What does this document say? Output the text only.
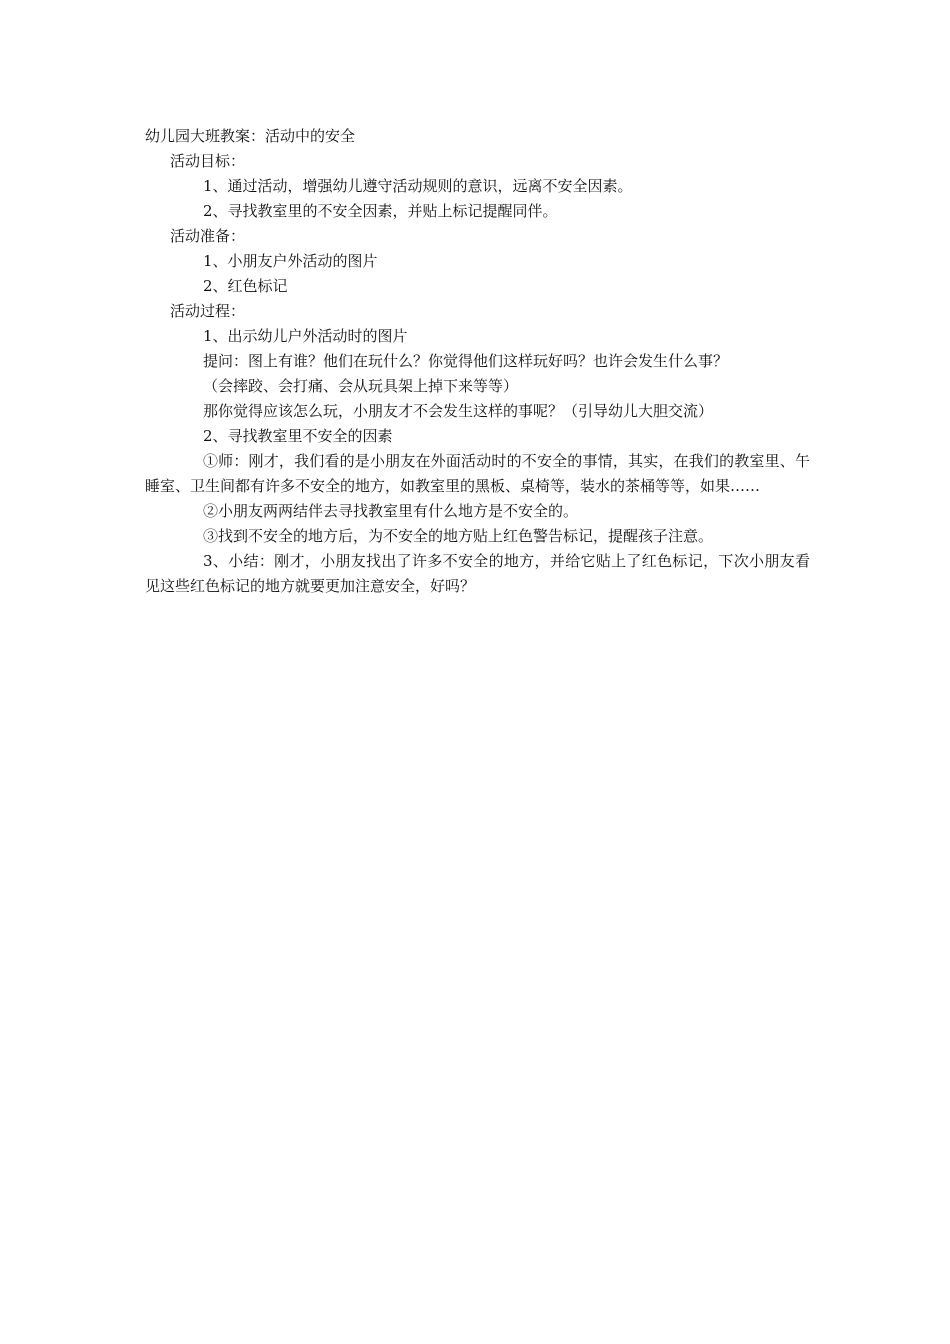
幼儿园大班教案：活动中的安全

活动目标：

1、通过活动，增强幼儿遵守活动规则的意识，远离不安全因素。

2、寻找教室里的不安全因素，并贴上标记提醒同伴。

活动准备：

1、小朋友户外活动的图片

2、红色标记

活动过程：

1、出示幼儿户外活动时的图片

提问：图上有谁？他们在玩什么？你觉得他们这样玩好吗？也许会发生什么事？

（会摔跤、会打痛、会从玩具架上掉下来等等）

那你觉得应该怎么玩，小朋友才不会发生这样的事呢？（引导幼儿大胆交流）

2、寻找教室里不安全的因素

①师：刚才，我们看的是小朋友在外面活动时的不安全的事情，其实，在我们的教室里、午睡室、卫生间都有许多不安全的地方，如教室里的黑板、桌椅等，装水的茶桶等等，如果……

②小朋友两两结伴去寻找教室里有什么地方是不安全的。

③找到不安全的地方后，为不安全的地方贴上红色警告标记，提醒孩子注意。

3、小结：刚才，小朋友找出了许多不安全的地方，并给它贴上了红色标记，下次小朋友看见这些红色标记的地方就要更加注意安全，好吗？
